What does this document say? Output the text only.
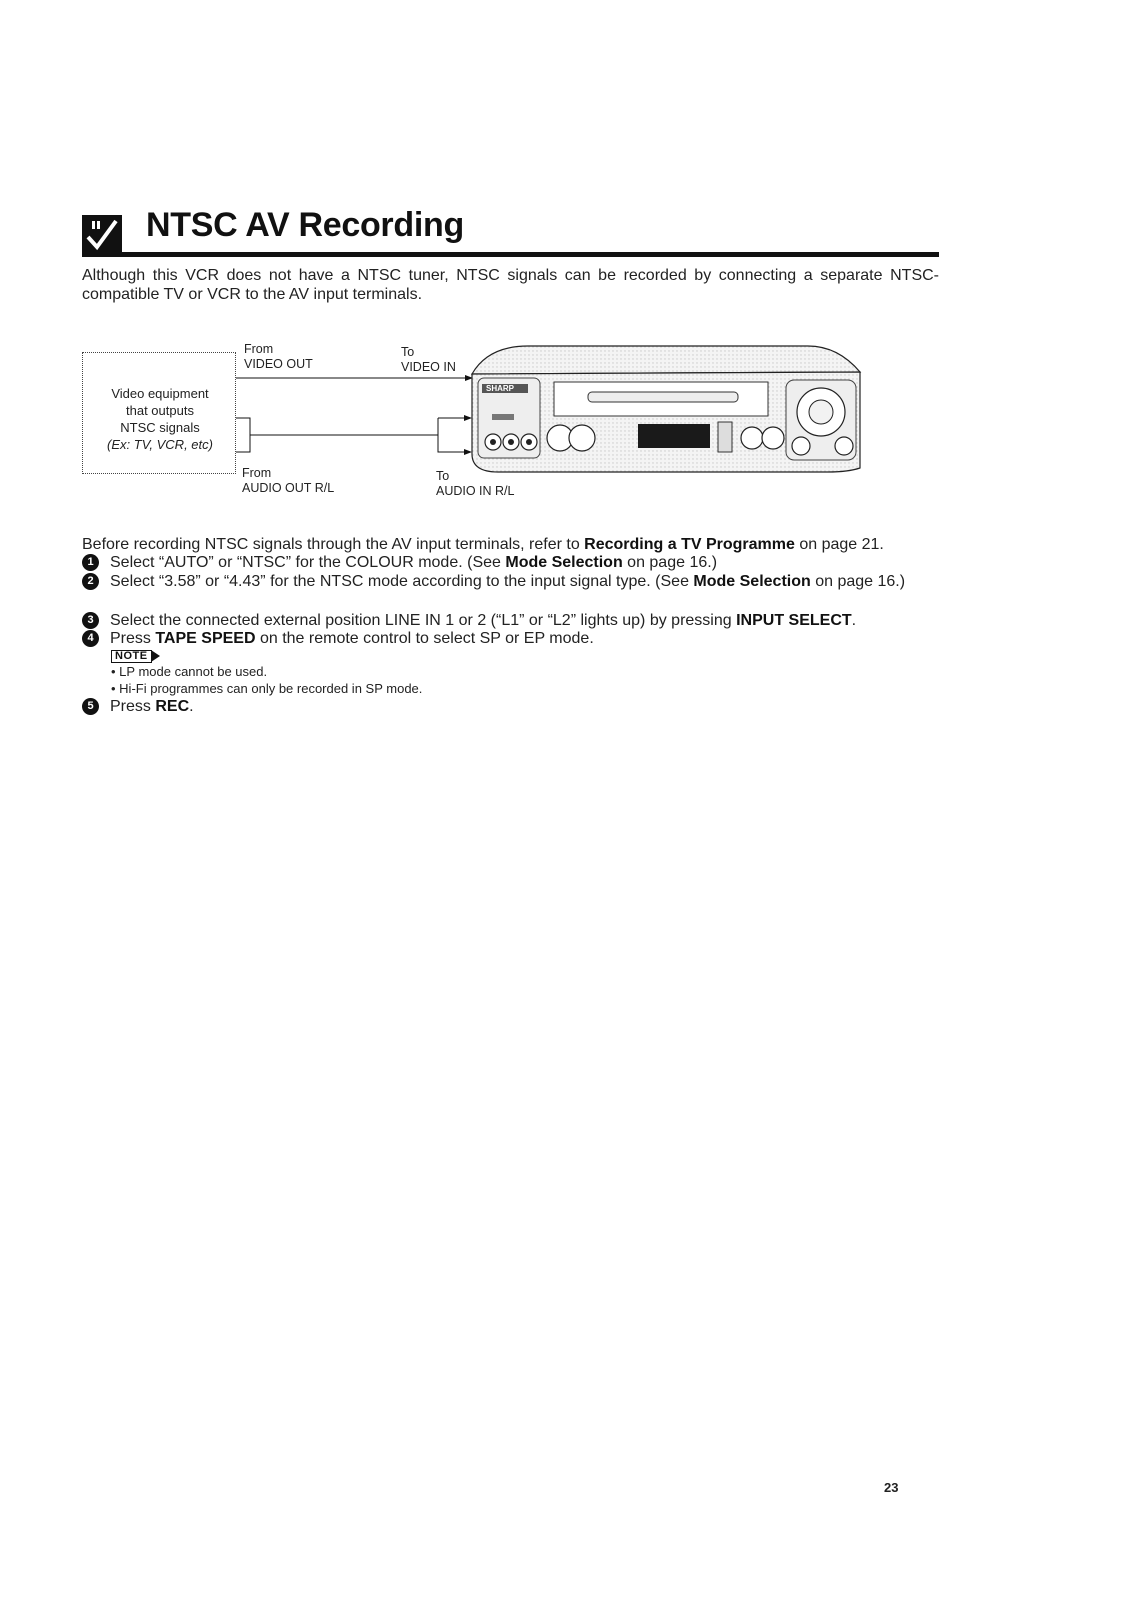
NTSC AV Recording

Although this VCR does not have a NTSC tuner, NTSC signals can be recorded by connecting a separate NTSC-compatible TV or VCR to the AV input terminals.

Video equipment
that outputs
NTSC signals
(Ex: TV, VCR, etc)
From
VIDEO OUT
To
VIDEO IN
From
AUDIO OUT R/L
To
AUDIO IN R/L
SHARP

Before recording NTSC signals through the AV input terminals, refer to Recording a TV Programme on page 21.

1	Select “AUTO” or “NTSC” for the COLOUR mode. (See Mode Selection on page 16.)
2	Select “3.58” or “4.43” for the NTSC mode according to the input signal type. (See Mode Selection on page 16.)
3	Select the connected external position LINE IN 1 or 2 (“L1” or “L2” lights up) by pressing INPUT SELECT.
4	Press TAPE SPEED on the remote control to select SP or EP mode.
NOTE
• LP mode cannot be used.
• Hi-Fi programmes can only be recorded in SP mode.
5	Press REC.
23
